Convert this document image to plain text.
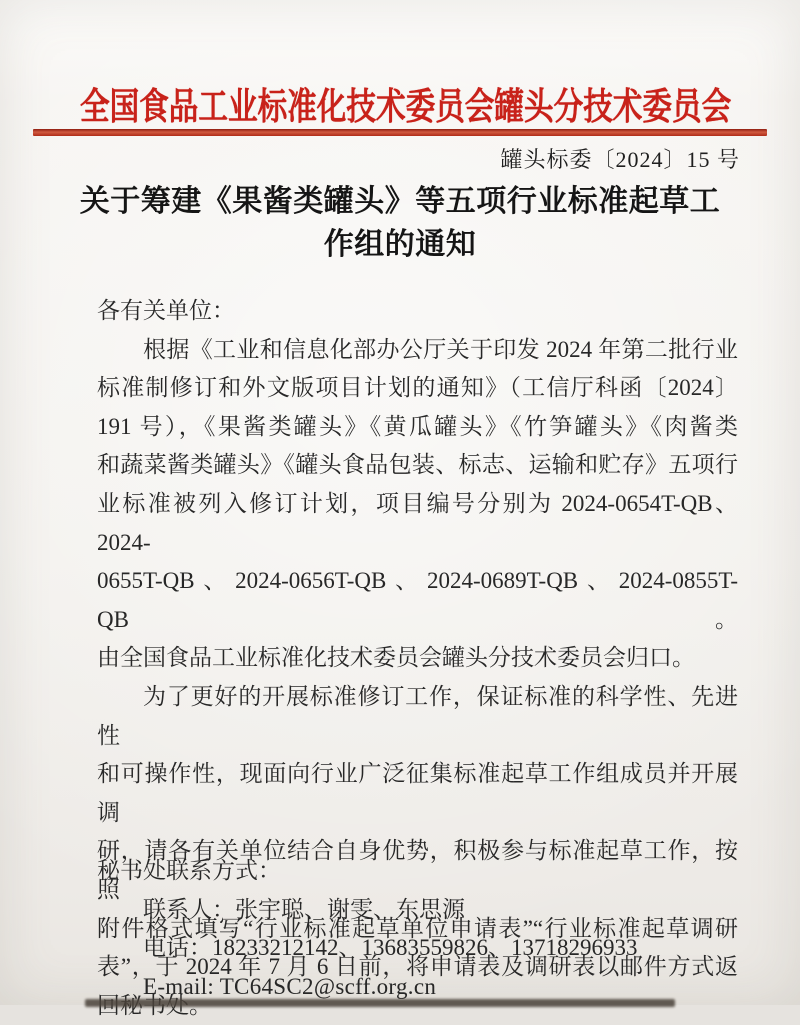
全国食品工业标准化技术委员会罐头分技术委员会
罐头标委〔2024〕15 号
关于筹建《果酱类罐头》等五项行业标准起草工
作组的通知
各有关单位：
根据《工业和信息化部办公厅关于印发 2024 年第二批行业
标准制修订和外文版项目计划的通知》（工信厅科函〔2024〕
191 号），《果酱类罐头》《黄瓜罐头》《竹笋罐头》《肉酱类
和蔬菜酱类罐头》《罐头食品包装、标志、运输和贮存》五项行
业标准被列入修订计划，项目编号分别为 2024-0654T-QB、2024-
0655T-QB、2024-0656T-QB、2024-0689T-QB、2024-0855T-QB。
由全国食品工业标准化技术委员会罐头分技术委员会归口。
为了更好的开展标准修订工作，保证标准的科学性、先进性
和可操作性，现面向行业广泛征集标准起草工作组成员并开展调
研，请各有关单位结合自身优势，积极参与标准起草工作，按照
附件格式填写“行业标准起草单位申请表”“行业标准起草调研
表”，于 2024 年 7 月 6 日前，将申请表及调研表以邮件方式返
秘书处联系方式：
联系人：张宇聪、谢雯、东思源
电话：18233212142、13683559826、13718296933
E-mail: TC64SC2@scff.org.cn
